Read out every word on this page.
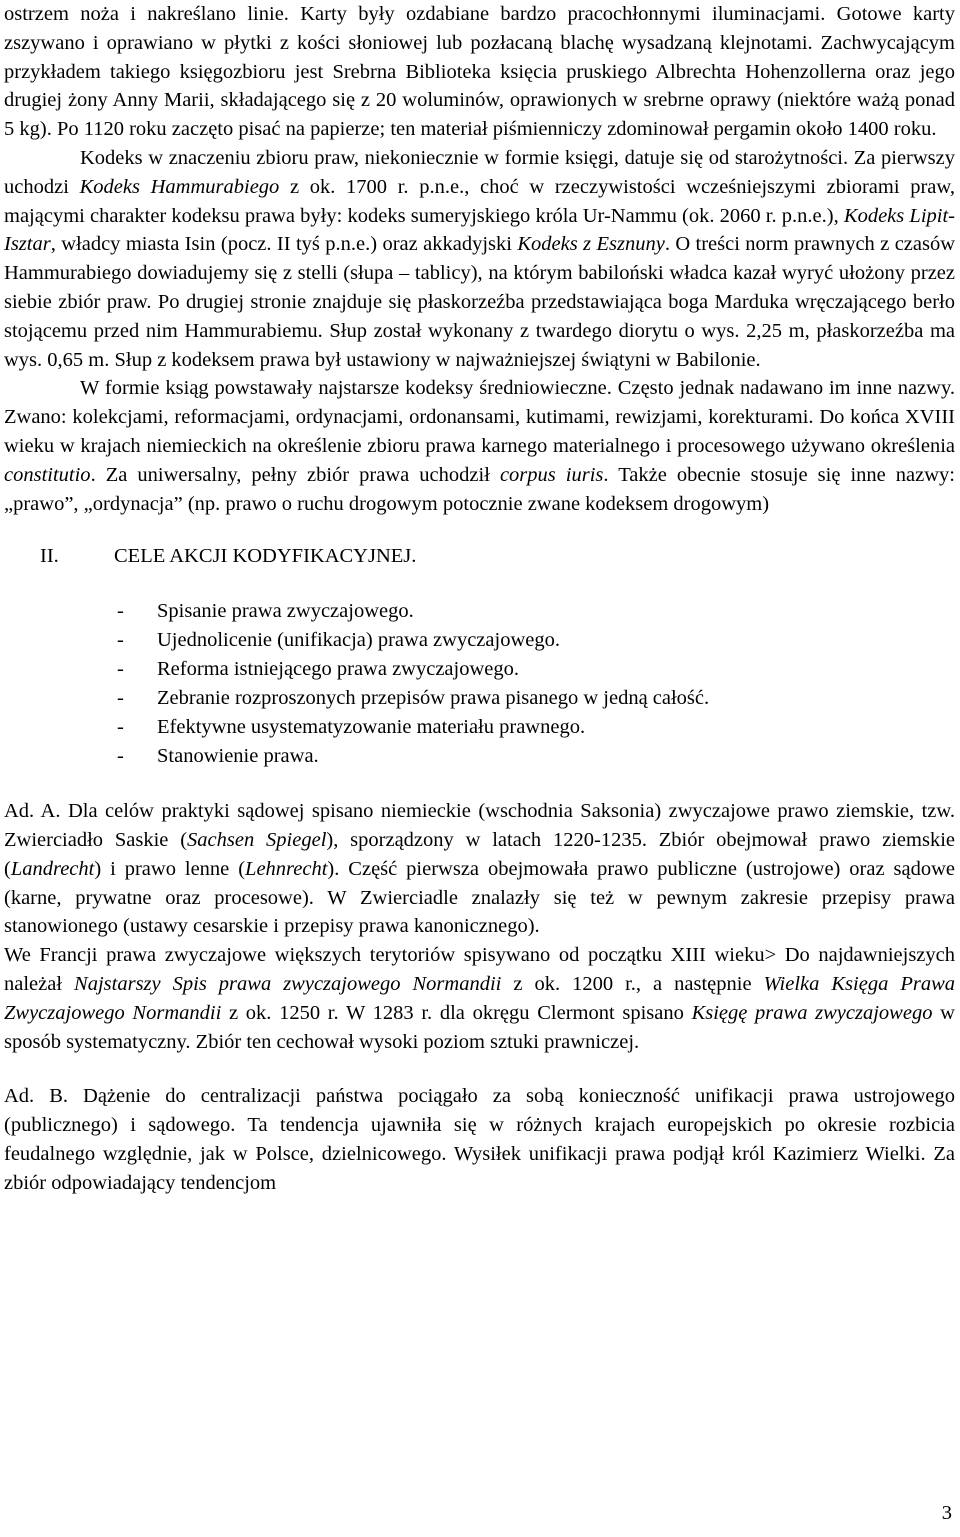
ostrzem noża i nakreślano linie. Karty były ozdabiane bardzo pracochłonnymi iluminacjami. Gotowe karty zszywano i oprawiano w płytki z kości słoniowej lub pozłacaną blachę wysadzaną klejnotami. Zachwycającym przykładem takiego księgozbioru jest Srebrna Biblioteka księcia pruskiego Albrechta Hohenzollerna oraz jego drugiej żony Anny Marii, składającego się z 20 woluminów, oprawionych w srebrne oprawy (niektóre ważą ponad 5 kg). Po 1120 roku zaczęto pisać na papierze; ten materiał piśmienniczy zdominował pergamin około 1400 roku.

Kodeks w znaczeniu zbioru praw, niekoniecznie w formie księgi, datuje się od starożytności. Za pierwszy uchodzi Kodeks Hammurabiego z ok. 1700 r. p.n.e., choć w rzeczywistości wcześniejszymi zbiorami praw, mającymi charakter kodeksu prawa były: kodeks sumeryjskiego króla Ur-Nammu (ok. 2060 r. p.n.e.), Kodeks Lipit-Isztar, władcy miasta Isin (pocz. II tyś p.n.e.) oraz akkadyjski Kodeks z Esznuny. O treści norm prawnych z czasów Hammurabiego dowiadujemy się z stelli (słupa – tablicy), na którym babiloński władca kazał wyryć ułożony przez siebie zbiór praw. Po drugiej stronie znajduje się płaskorzeźba przedstawiająca boga Marduka wręczającego berło stojącemu przed nim Hammurabiemu. Słup został wykonany z twardego diorytu o wys. 2,25 m, płaskorzeźba ma wys. 0,65 m. Słup z kodeksem prawa był ustawiony w najważniejszej świątyni w Babilonie.

W formie ksiąg powstawały najstarsze kodeksy średniowieczne. Często jednak nadawano im inne nazwy. Zwano: kolekcjami, reformacjami, ordynacjami, ordonansami, kutimami, rewizjami, korekturami. Do końca XVIII wieku w krajach niemieckich na określenie zbioru prawa karnego materialnego i procesowego używano określenia constitutio. Za uniwersalny, pełny zbiór prawa uchodził corpus iuris. Także obecnie stosuje się inne nazwy: „prawo”, „ordynacja” (np. prawo o ruchu drogowym potocznie zwane kodeksem drogowym)

II.	CELE AKCJI KODYFIKACYJNEJ.
-	Spisanie prawa zwyczajowego.
-	Ujednolicenie (unifikacja) prawa zwyczajowego.
-	Reforma istniejącego prawa zwyczajowego.
-	Zebranie rozproszonych przepisów prawa pisanego w jedną całość.
-	Efektywne usystematyzowanie materiału prawnego.
-	Stanowienie prawa.

Ad. A. Dla celów praktyki sądowej spisano niemieckie (wschodnia Saksonia) zwyczajowe prawo ziemskie, tzw. Zwierciadło Saskie (Sachsen Spiegel), sporządzony w latach 1220-1235. Zbiór obejmował prawo ziemskie (Landrecht) i prawo lenne (Lehnrecht). Część pierwsza obejmowała prawo publiczne (ustrojowe) oraz sądowe (karne, prywatne oraz procesowe). W Zwierciadle znalazły się też w pewnym zakresie przepisy prawa stanowionego (ustawy cesarskie i przepisy prawa kanonicznego).

We Francji prawa zwyczajowe większych terytoriów spisywano od początku XIII wieku> Do najdawniejszych należał Najstarszy Spis prawa zwyczajowego Normandii z ok. 1200 r., a następnie Wielka Księga Prawa Zwyczajowego Normandii z ok. 1250 r. W 1283 r. dla okręgu Clermont spisano Księgę prawa zwyczajowego w sposób systematyczny. Zbiór ten cechował wysoki poziom sztuki prawniczej.

Ad. B. Dążenie do centralizacji państwa pociągało za sobą konieczność unifikacji prawa ustrojowego (publicznego) i sądowego. Ta tendencja ujawniła się w różnych krajach europejskich po okresie rozbicia feudalnego względnie, jak w Polsce, dzielnicowego. Wysiłek unifikacji prawa podjął król Kazimierz Wielki. Za zbiór odpowiadający tendencjom

3
